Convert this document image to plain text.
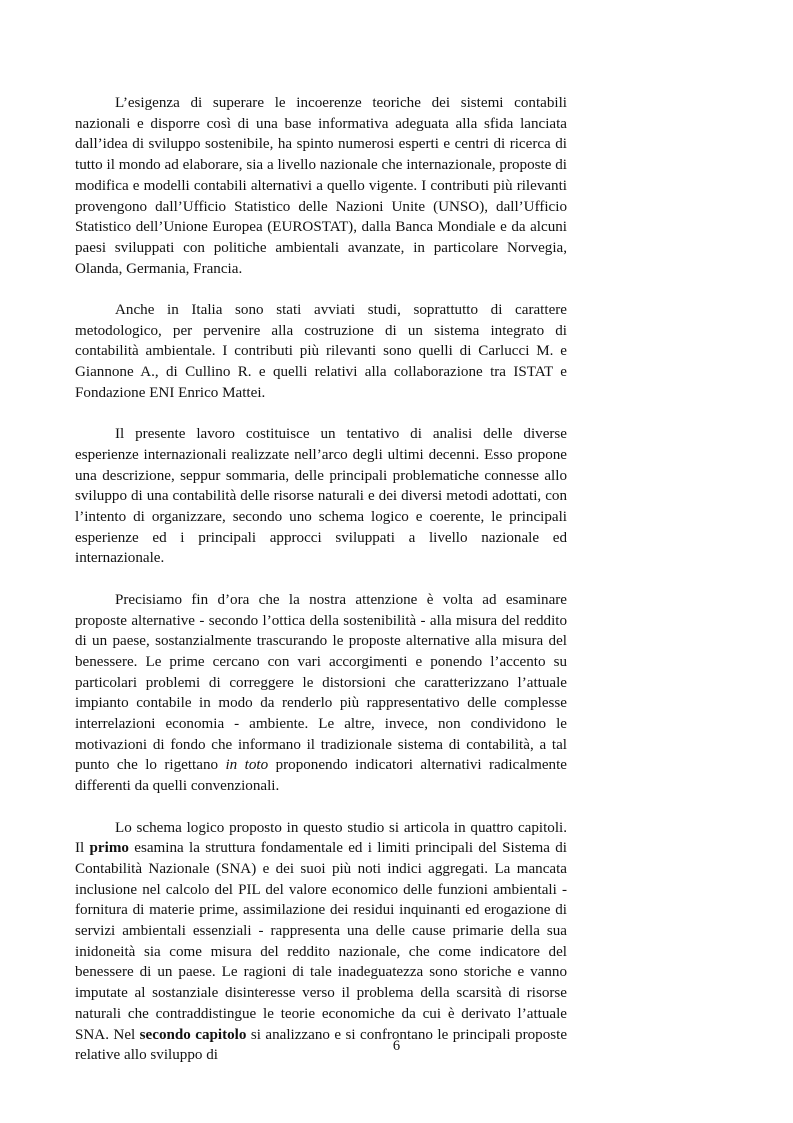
L’esigenza di superare le incoerenze teoriche dei sistemi contabili nazionali e disporre così di una base informativa adeguata alla sfida lanciata dall’idea di sviluppo sostenibile, ha spinto numerosi esperti e centri di ricerca di tutto il mondo ad elaborare, sia a livello nazionale che internazionale, proposte di modifica e modelli contabili alternativi a quello vigente. I contributi più rilevanti provengono dall’Ufficio Statistico delle Nazioni Unite (UNSO), dall’Ufficio Statistico dell’Unione Europea (EUROSTAT), dalla Banca Mondiale e da alcuni paesi sviluppati con politiche ambientali avanzate, in particolare Norvegia, Olanda, Germania, Francia.

Anche in Italia sono stati avviati studi, soprattutto di carattere metodologico, per pervenire alla costruzione di un sistema integrato di contabilità ambientale. I contributi più rilevanti sono quelli di Carlucci M. e Giannone A., di Cullino R. e quelli relativi alla collaborazione tra ISTAT e Fondazione ENI Enrico Mattei.

Il presente lavoro costituisce un tentativo di analisi delle diverse esperienze internazionali realizzate nell’arco degli ultimi decenni. Esso propone una descrizione, seppur sommaria, delle principali problematiche connesse allo sviluppo di una contabilità delle risorse naturali e dei diversi metodi adottati, con l’intento di organizzare, secondo uno schema logico e coerente, le principali esperienze ed i principali approcci sviluppati a livello nazionale ed internazionale.

Precisiamo fin d’ora che la nostra attenzione è volta ad esaminare proposte alternative - secondo l’ottica della sostenibilità - alla misura del reddito di un paese, sostanzialmente trascurando le proposte alternative alla misura del benessere. Le prime cercano con vari accorgimenti e ponendo l’accento su particolari problemi di correggere le distorsioni che caratterizzano l’attuale impianto contabile in modo da renderlo più rappresentativo delle complesse interrelazioni economia - ambiente. Le altre, invece, non condividono le motivazioni di fondo che informano il tradizionale sistema di contabilità, a tal punto che lo rigettano in toto proponendo indicatori alternativi radicalmente differenti da quelli convenzionali.

Lo schema logico proposto in questo studio si articola in quattro capitoli. Il primo esamina la struttura fondamentale ed i limiti principali del Sistema di Contabilità Nazionale (SNA) e dei suoi più noti indici aggregati. La mancata inclusione nel calcolo del PIL del valore economico delle funzioni ambientali - fornitura di materie prime, assimilazione dei residui inquinanti ed erogazione di servizi ambientali essenziali - rappresenta una delle cause primarie della sua inidoneità sia come misura del reddito nazionale, che come indicatore del benessere di un paese. Le ragioni di tale inadeguatezza sono storiche e vanno imputate al sostanziale disinteresse verso il problema della scarsità di risorse naturali che contraddistingue le teorie economiche da cui è derivato l’attuale SNA. Nel secondo capitolo si analizzano e si confrontano le principali proposte relative allo sviluppo di

6
